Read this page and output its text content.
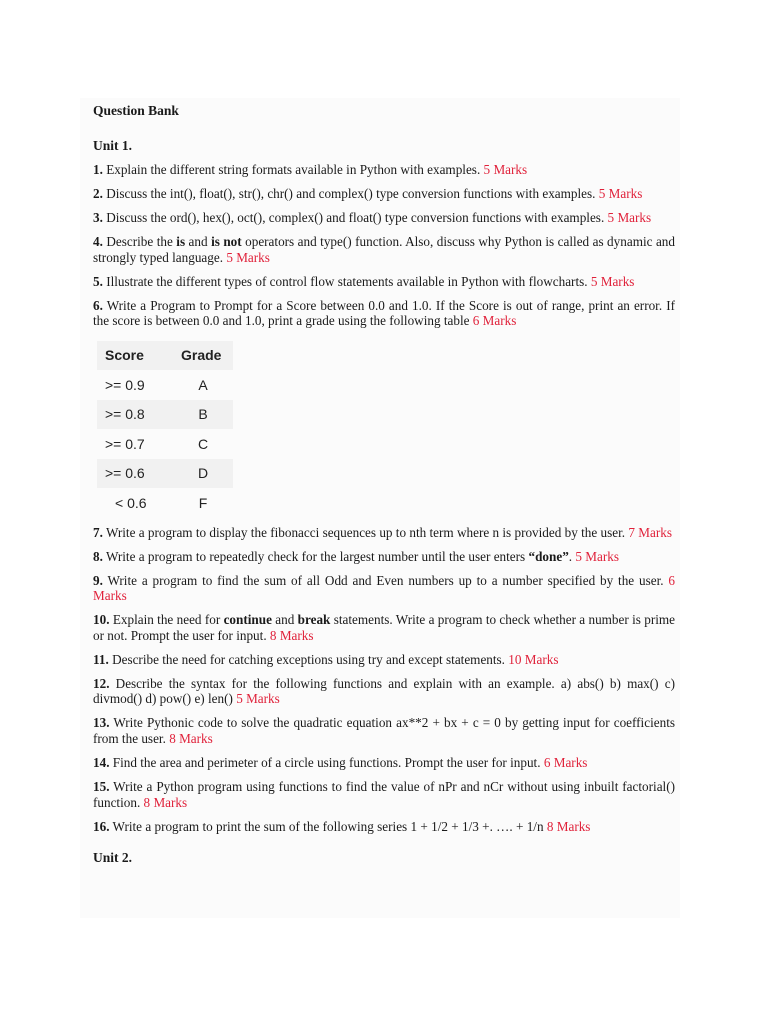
Question Bank
Unit 1.

1. Explain the different string formats available in Python with examples. 5 Marks

2. Discuss the int(), float(), str(), chr() and complex() type conversion functions with examples. 5 Marks

3. Discuss the ord(), hex(), oct(), complex() and float() type conversion functions with examples. 5 Marks

4. Describe the is and is not operators and type() function. Also, discuss why Python is called as dynamic and strongly typed language. 5 Marks

5. Illustrate the different types of control flow statements available in Python with flowcharts. 5 Marks

6. Write a Program to Prompt for a Score between 0.0 and 1.0. If the Score is out of range, print an error. If the score is between 0.0 and 1.0, print a grade using the following table 6 Marks

Score	Grade
>= 0.9	A
>= 0.8	B
>= 0.7	C
>= 0.6	D
< 0.6	F

7. Write a program to display the fibonacci sequences up to nth term where n is provided by the user. 7 Marks

8. Write a program to repeatedly check for the largest number until the user enters “done”. 5 Marks

9. Write a program to find the sum of all Odd and Even numbers up to a number specified by the user. 6 Marks

10. Explain the need for continue and break statements. Write a program to check whether a number is prime or not. Prompt the user for input. 8 Marks

11. Describe the need for catching exceptions using try and except statements. 10 Marks

12. Describe the syntax for the following functions and explain with an example. a) abs() b) max() c) divmod() d) pow() e) len() 5 Marks

13. Write Pythonic code to solve the quadratic equation ax**2 + bx + c = 0 by getting input for coefficients from the user. 8 Marks

14. Find the area and perimeter of a circle using functions. Prompt the user for input. 6 Marks

15. Write a Python program using functions to find the value of nPr and nCr without using inbuilt factorial() function. 8 Marks

16. Write a program to print the sum of the following series 1 + 1/2 + 1/3 +. …. + 1/n 8 Marks

Unit 2.
